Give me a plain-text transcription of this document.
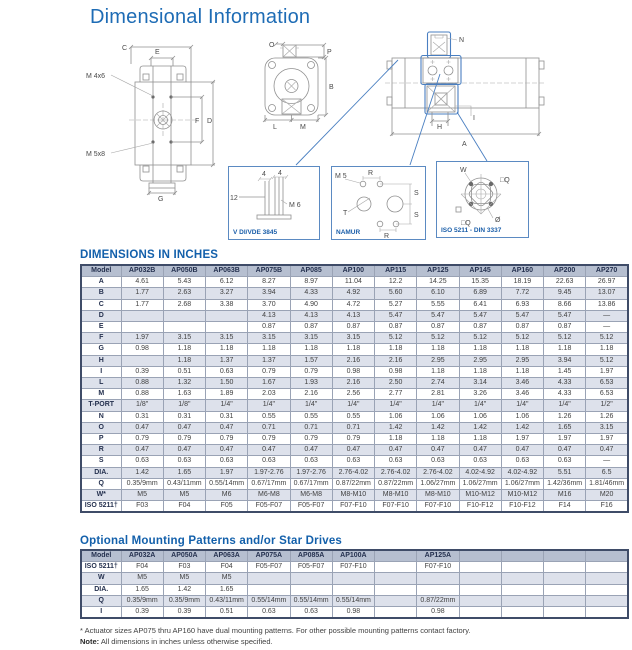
Dimensional Information
C
E
M 4x6
M 5x8
F D
G
O
P
B
L	M
N
H
I
A
12
4 4
M 6
V DI/VDE 3845
M 5	R
S
S
T
R
NAMUR
W
□Q
□Q	Ø
ISO 5211 - DIN 3337
DIMENSIONS IN INCHES
Model	AP032B	AP050B	AP063B	AP075B	AP085	AP100	AP115	AP125	AP145	AP160	AP200	AP270
A	4.61	5.43	6.12	8.27	8.97	11.04	12.2	14.25	15.35	18.19	22.63	26.97
B	1.77	2.63	3.27	3.94	4.33	4.92	5.60	6.10	6.89	7.72	9.45	13.07
C	1.77	2.68	3.38	3.70	4.90	4.72	5.27	5.55	6.41	6.93	8.66	13.86
D				4.13	4.13	4.13	5.47	5.47	5.47	5.47	5.47	—
E				0.87	0.87	0.87	0.87	0.87	0.87	0.87	0.87	—
F	1.97	3.15	3.15	3.15	3.15	3.15	5.12	5.12	5.12	5.12	5.12	5.12
G	0.98	1.18	1.18	1.18	1.18	1.18	1.18	1.18	1.18	1.18	1.18	1.18
H		1.18	1.37	1.37	1.57	2.16	2.16	2.95	2.95	2.95	3.94	5.12
I	0.39	0.51	0.63	0.79	0.79	0.98	0.98	1.18	1.18	1.18	1.45	1.97
L	0.88	1.32	1.50	1.67	1.93	2.16	2.50	2.74	3.14	3.46	4.33	6.53
M	0.88	1.63	1.89	2.03	2.16	2.56	2.77	2.81	3.26	3.46	4.33	6.53
T-PORT	1/8"	1/8"	1/4"	1/4"	1/4"	1/4"	1/4"	1/4"	1/4"	1/4"	1/4"	1/2"
N	0.31	0.31	0.31	0.55	0.55	0.55	1.06	1.06	1.06	1.06	1.26	1.26
O	0.47	0.47	0.47	0.71	0.71	0.71	1.42	1.42	1.42	1.42	1.65	3.15
P	0.79	0.79	0.79	0.79	0.79	0.79	1.18	1.18	1.18	1.97	1.97	1.97
R	0.47	0.47	0.47	0.47	0.47	0.47	0.47	0.47	0.47	0.47	0.47	0.47
S	0.63	0.63	0.63	0.63	0.63	0.63	0.63	0.63	0.63	0.63	0.63	—
DIA.	1.42	1.65	1.97	1.97-2.76	1.97-2.76	2.76-4.02	2.76-4.02	2.76-4.02	4.02-4.92	4.02-4.92	5.51	6.5
Q	0.35/9mm	0.43/11mm	0.55/14mm	0.67/17mm	0.67/17mm	0.87/22mm	0.87/22mm	1.06/27mm	1.06/27mm	1.06/27mm	1.42/36mm	1.81/46mm
W*	M5	M5	M6	M6-M8	M6-M8	M8-M10	M8-M10	M8-M10	M10-M12	M10-M12	M16	M20
ISO 5211†	F03	F04	F05	F05-F07	F05-F07	F07-F10	F07-F10	F07-F10	F10-F12	F10-F12	F14	F16
Optional Mounting Patterns and/or Star Drives
Model	AP032A	AP050A	AP063A	AP075A	AP085A	AP100A		AP125A				
ISO 5211†	F04	F03	F04	F05-F07	F05-F07	F07-F10		F07-F10				
W	M5	M5	M5									
DIA.	1.65	1.42	1.65									
Q	0.35/9mm	0.35/9mm	0.43/11mm	0.55/14mm	0.55/14mm	0.55/14mm		0.87/22mm				
I	0.39	0.39	0.51	0.63	0.63	0.98		0.98				
* Actuator sizes AP075 thru AP160 have dual mounting patterns. For other possible mounting patterns contact factory.
Note: All dimensions in inches unless otherwise specified.
